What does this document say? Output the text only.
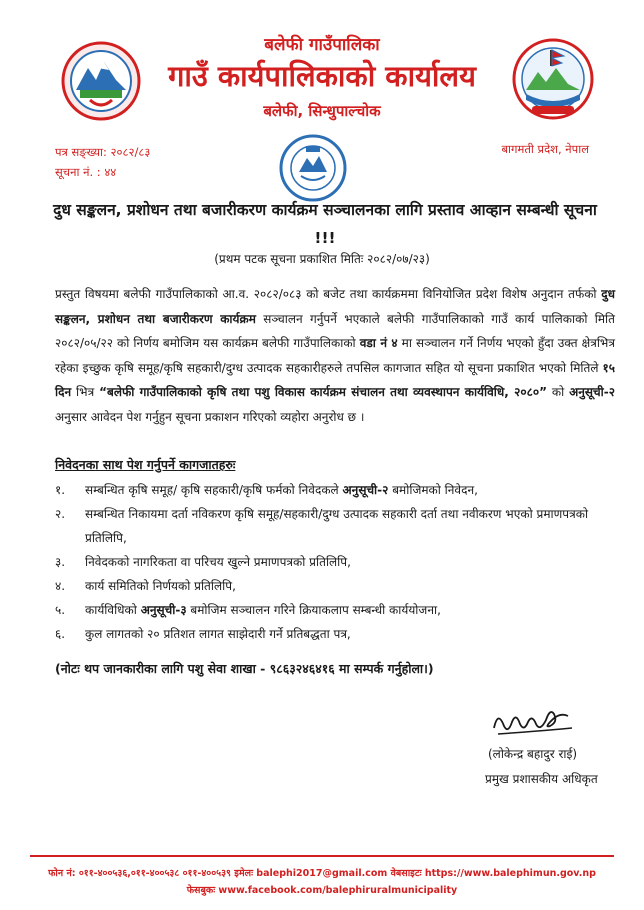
बलेफी गाउँपालिका
गाउँ कार्यपालिकाको कार्यालय
बलेफी, सिन्धुपाल्चोक
पत्र सङ्ख्या: २०८२/८३
सूचना नं. : ४४
बागमती प्रदेश, नेपाल
दुध सङ्कलन, प्रशोधन तथा बजारीकरण कार्यक्रम सञ्चालनका लागि प्रस्ताव आव्हान सम्बन्धी सूचना !!!
(प्रथम पटक सूचना प्रकाशित मितिः २०८२/०७/२३)
प्रस्तुत विषयमा बलेफी गाउँपालिकाको आ.व. २०८२/०८३ को बजेट तथा कार्यक्रममा विनियोजित प्रदेश विशेष अनुदान तर्फको दुध सङ्कलन, प्रशोधन तथा बजारीकरण कार्यक्रम सञ्चालन गर्नुपर्ने भएकाले बलेफी गाउँपालिकाको गाउँ कार्य पालिकाको मिति २०८२/०५/२२ को निर्णय बमोजिम यस कार्यक्रम बलेफी गाउँपालिकाको वडा नं ४ मा सञ्चालन गर्ने निर्णय भएको हुँदा उक्त क्षेत्रभित्र रहेका इच्छुक कृषि समूह/कृषि सहकारी/दुग्ध उत्पादक सहकारीहरुले तपसिल कागजात सहित यो सूचना प्रकाशित भएको मितिले १५ दिन भित्र “बलेफी गाउँपालिकाको कृषि तथा पशु विकास कार्यक्रम संचालन तथा व्यवस्थापन कार्यविधि, २०८०” को अनुसूची-२ अनुसार आवेदन पेश गर्नुहुन सूचना प्रकाशन गरिएको व्यहोरा अनुरोध छ ।
निवेदनका साथ पेश गर्नुपर्ने कागजातहरुः
१.	सम्बन्धित कृषि समूह/ कृषि सहकारी/कृषि फर्मको निवेदकले अनुसूची-२ बमोजिमको निवेदन,
२.	सम्बन्धित निकायमा दर्ता नविकरण कृषि समूह/सहकारी/दुग्ध उत्पादक सहकारी दर्ता तथा नवीकरण भएको प्रमाणपत्रको प्रतिलिपि,
३.	निवेदकको नागरिकता वा परिचय खुल्ने प्रमाणपत्रको प्रतिलिपि,
४.	कार्य समितिको निर्णयको प्रतिलिपि,
५.	कार्यविधिको अनुसूची-३ बमोजिम सञ्चालन गरिने क्रियाकलाप सम्बन्धी कार्ययोजना,
६.	कुल लागतको २० प्रतिशत लागत साझेदारी गर्ने प्रतिबद्धता पत्र,
(नोटः थप जानकारीका लागि पशु सेवा शाखा - ९८६३२४६४१६ मा सम्पर्क गर्नुहोला।)
(लोकेन्द्र बहादुर राई)
प्रमुख प्रशासकीय अधिकृत
फोन नं: ०११-४००५३६,०११-४००५३८ ०११-४००५३९ इमेलः balephi2017@gmail.com वेबसाइटः https://www.balephimun.gov.np
फेसबुकः www.facebook.com/balephiruralmunicipality
